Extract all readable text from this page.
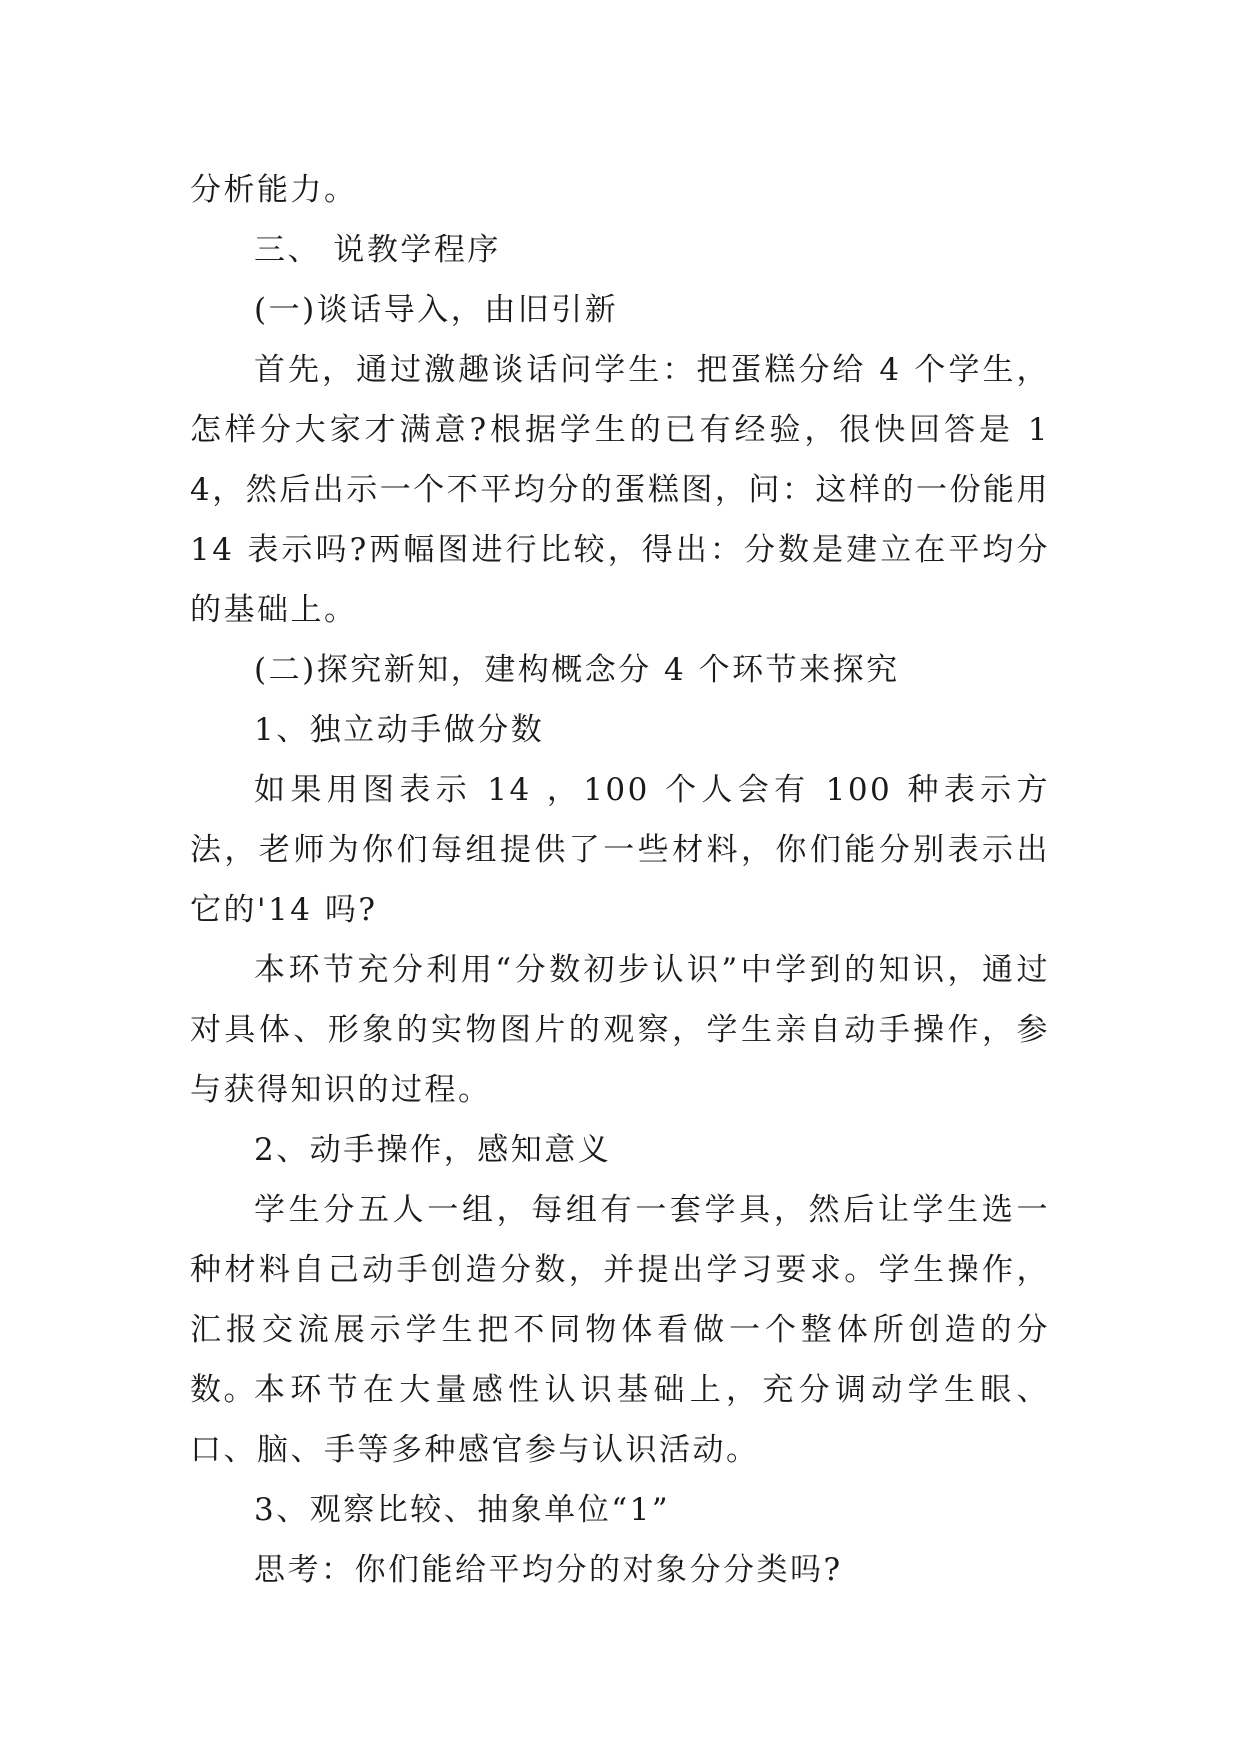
分析能力。

三、 说教学程序

(一)谈话导入，由旧引新

首先，通过激趣谈话问学生：把蛋糕分给 4 个学生，怎样分大家才满意?根据学生的已有经验，很快回答是 14，然后出示一个不平均分的蛋糕图，问：这样的一份能用 14 表示吗?两幅图进行比较，得出：分数是建立在平均分的基础上。

(二)探究新知，建构概念分 4 个环节来探究

1、独立动手做分数

如果用图表示 14 ，100 个人会有 100 种表示方法，老师为你们每组提供了一些材料，你们能分别表示出它的'14 吗?

本环节充分利用“分数初步认识”中学到的知识，通过对具体、形象的实物图片的观察，学生亲自动手操作，参与获得知识的过程。

2、动手操作，感知意义

学生分五人一组，每组有一套学具，然后让学生选一种材料自己动手创造分数，并提出学习要求。学生操作，汇报交流展示学生把不同物体看做一个整体所创造的分数。

本环节在大量感性认识基础上，充分调动学生眼、口、脑、手等多种感官参与认识活动。

3、观察比较、抽象单位“1”

思考：你们能给平均分的对象分分类吗?
